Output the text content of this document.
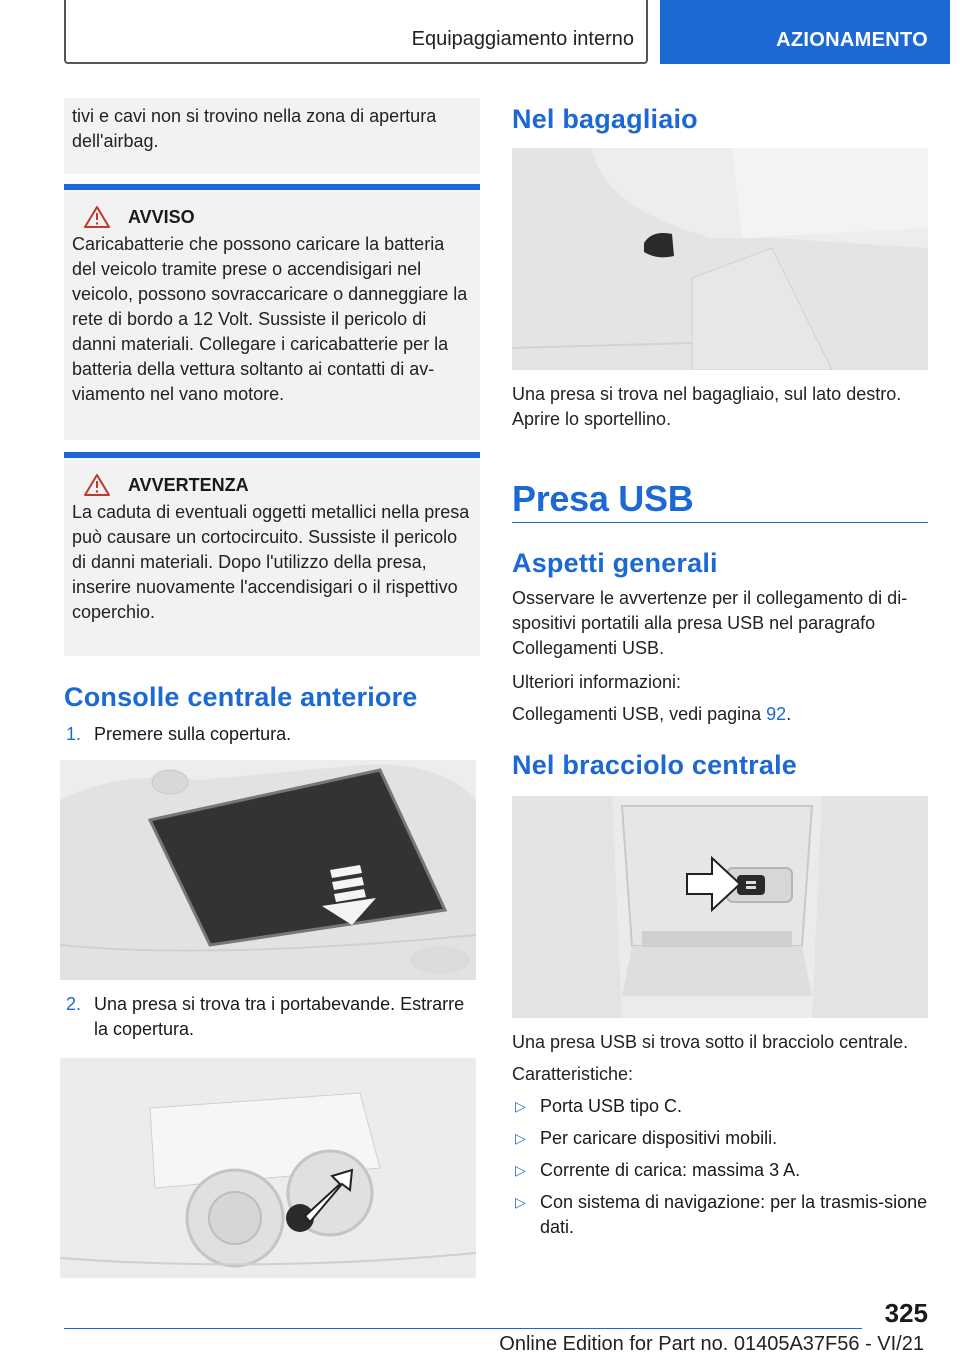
Equipaggiamento interno	AZIONAMENTO

tivi e cavi non si trovino nella zona di apertura dell'airbag.

AVVISO

Caricabatterie che possono caricare la batteria del veicolo tramite prese o accendisigari nel veicolo, possono sovraccaricare o danneggiare la rete di bordo a 12 Volt. Sussiste il pericolo di danni materiali. Collegare i caricabatterie per la batteria della vettura soltanto ai contatti di av-viamento nel vano motore.

AVVERTENZA

La caduta di eventuali oggetti metallici nella presa può causare un cortocircuito. Sussiste il pericolo di danni materiali. Dopo l'utilizzo della presa, inserire nuovamente l'accendisigari o il rispettivo coperchio.

Consolle centrale anteriore
1. Premere sulla copertura.
2. Una presa si trova tra i portabevande. Estrarre la copertura.
Nel bagagliaio

Una presa si trova nel bagagliaio, sul lato destro. Aprire lo sportellino.

Presa USB
Aspetti generali

Osservare le avvertenze per il collegamento di di-spositivi portatili alla presa USB nel paragrafo Collegamenti USB.

Ulteriori informazioni:

Collegamenti USB, vedi pagina 92.

Nel bracciolo centrale

Una presa USB si trova sotto il bracciolo centrale.

Caratteristiche:

▷ Porta USB tipo C.
▷ Per caricare dispositivi mobili.
▷ Corrente di carica: massima 3 A.
▷ Con sistema di navigazione: per la trasmis-sione dati.
325
Online Edition for Part no. 01405A37F56 - VI/21
